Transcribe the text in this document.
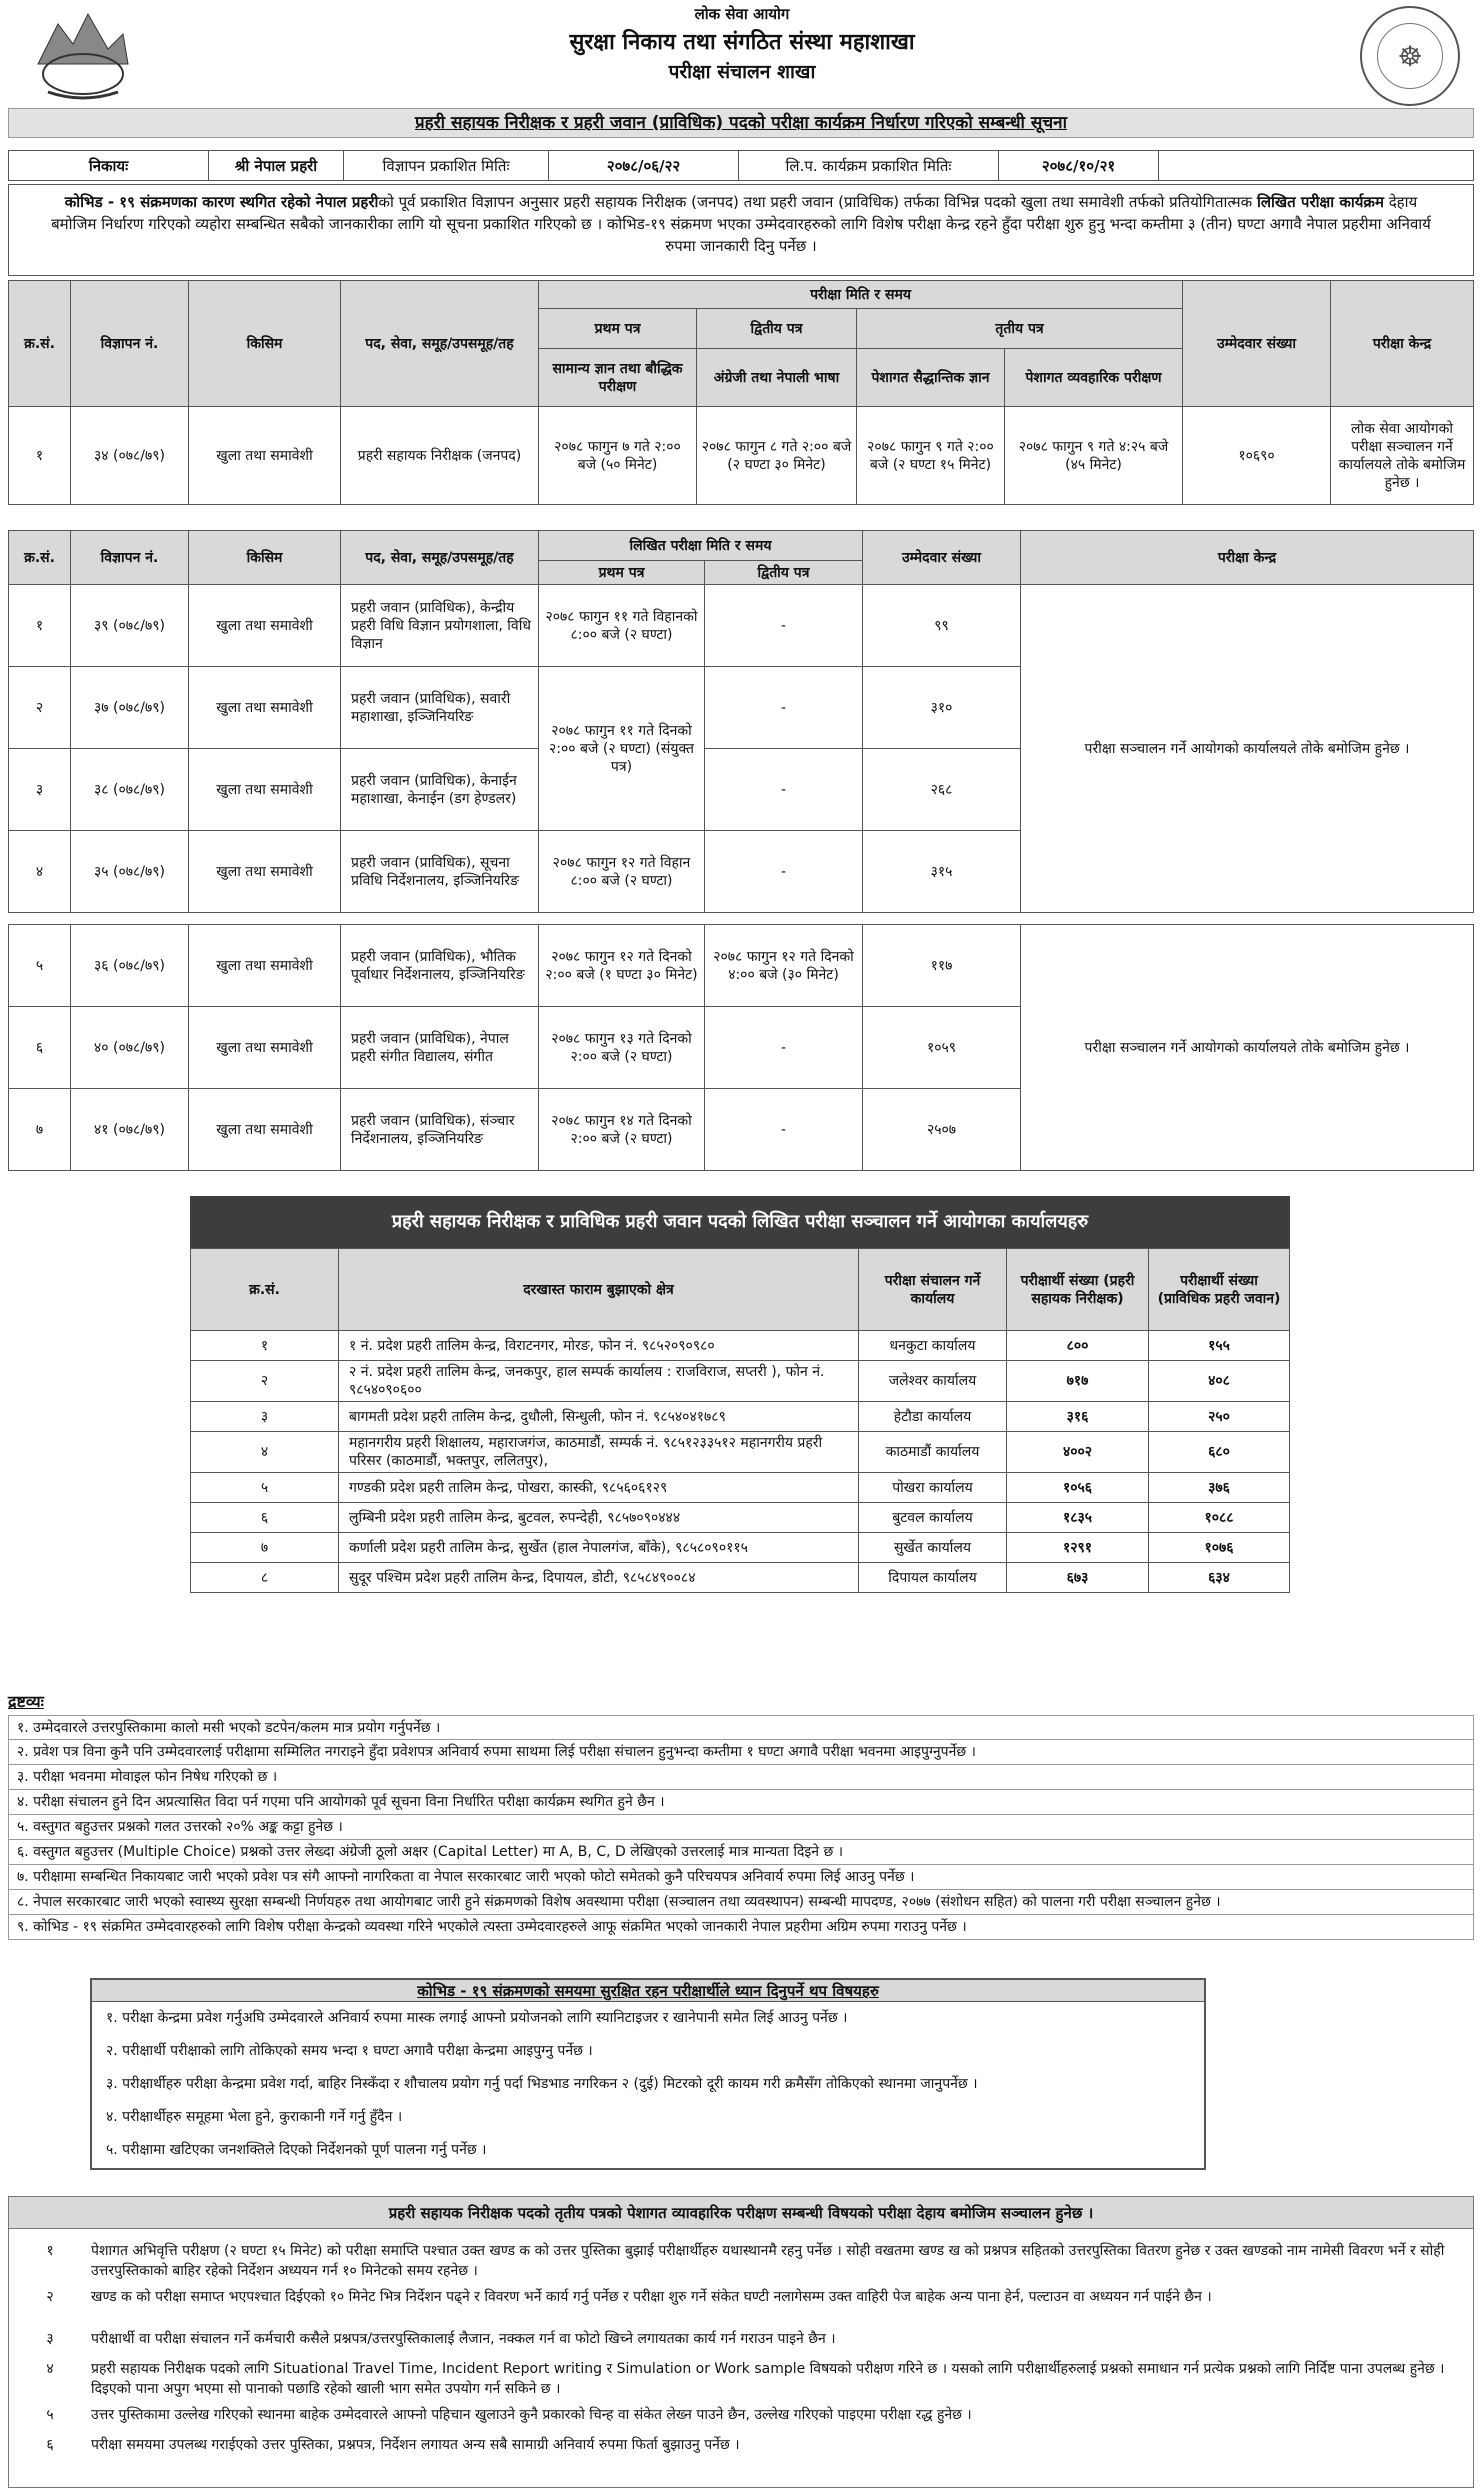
लोक सेवा आयोग
सुरक्षा निकाय तथा संगठित संस्था महाशाखा
परीक्षा संचालन शाखा	☸
प्रहरी सहायक निरीक्षक र प्रहरी जवान (प्राविधिक) पदको परीक्षा कार्यक्रम निर्धारण गरिएको सम्बन्धी सूचना
निकायः	श्री नेपाल प्रहरी	विज्ञापन प्रकाशित मितिः	२०७८/०६/२२	लि.प. कार्यक्रम प्रकाशित मितिः	२०७८/१०/२१	
कोभिड - १९ संक्रमणका कारण स्थगित रहेको नेपाल प्रहरीको पूर्व प्रकाशित विज्ञापन अनुसार प्रहरी सहायक निरीक्षक (जनपद) तथा प्रहरी जवान (प्राविधिक) तर्फका विभिन्न पदको खुला तथा समावेशी तर्फको प्रतियोगितात्मक लिखित परीक्षा कार्यक्रम देहाय बमोजिम निर्धारण गरिएको व्यहोरा सम्बन्धित सबैको जानकारीका लागि यो सूचना प्रकाशित गरिएको छ । कोभिड-१९ संक्रमण भएका उम्मेदवारहरुको लागि विशेष परीक्षा केन्द्र रहने हुँदा परीक्षा शुरु हुनु भन्दा कम्तीमा ३ (तीन) घण्टा अगावै नेपाल प्रहरीमा अनिवार्य रुपमा जानकारी दिनु पर्नेछ ।
क्र.सं.	विज्ञापन नं.	किसिम	पद, सेवा, समूह/उपसमूह/तह	परीक्षा मिति र समय				उम्मेदवार संख्या	परीक्षा केन्द्र
				प्रथम पत्र	द्वितीय पत्र	तृतीय पत्र			
				सामान्य ज्ञान तथा बौद्धिक परीक्षण	अंग्रेजी तथा नेपाली भाषा	पेशागत सैद्धान्तिक ज्ञान	पेशागत व्यवहारिक परीक्षण		
१	३४ (०७८/७९)	खुला तथा समावेशी	प्रहरी सहायक निरीक्षक (जनपद)	२०७८ फागुन ७ गते २:०० बजे (५० मिनेट)	२०७८ फागुन ८ गते २:०० बजे (२ घण्टा ३० मिनेट)	२०७८ फागुन ९ गते २:०० बजे (२ घण्टा १५ मिनेट)	२०७८ फागुन ९ गते ४:२५ बजे (४५ मिनेट)	१०६९०	लोक सेवा आयोगको परीक्षा सञ्चालन गर्ने कार्यालयले तोके बमोजिम हुनेछ ।
क्र.सं.	विज्ञापन नं.	किसिम	पद, सेवा, समूह/उपसमूह/तह	लिखित परीक्षा मिति र समय		उम्मेदवार संख्या	परीक्षा केन्द्र
				प्रथम पत्र	द्वितीय पत्र		
१	३९ (०७८/७९)	खुला तथा समावेशी	प्रहरी जवान (प्राविधिक), केन्द्रीय प्रहरी विधि विज्ञान प्रयोगशाला, विधि विज्ञान	२०७८ फागुन ११ गते विहानको ८:०० बजे (२ घण्टा)	-	९९	परीक्षा सञ्चालन गर्ने आयोगको कार्यालयले तोके बमोजिम हुनेछ ।
२	३७ (०७८/७९)	खुला तथा समावेशी	प्रहरी जवान (प्राविधिक), सवारी महाशाखा, इञ्जिनियरिङ	२०७८ फागुन ११ गते दिनको २:०० बजे (२ घण्टा) (संयुक्त पत्र)	-	३१०	
३	३८ (०७८/७९)	खुला तथा समावेशी	प्रहरी जवान (प्राविधिक), केनाईन महाशाखा, केनाईन (डग हेण्डलर)		-	२६८	
४	३५ (०७८/७९)	खुला तथा समावेशी	प्रहरी जवान (प्राविधिक), सूचना प्रविधि निर्देशनालय, इञ्जिनियरिङ	२०७८ फागुन १२ गते विहान ८:०० बजे (२ घण्टा)	-	३१५	
५	३६ (०७८/७९)	खुला तथा समावेशी	प्रहरी जवान (प्राविधिक), भौतिक पूर्वाधार निर्देशनालय, इञ्जिनियरिङ	२०७८ फागुन १२ गते दिनको २:०० बजे (१ घण्टा ३० मिनेट)	२०७८ फागुन १२ गते दिनको ४:०० बजे (३० मिनेट)	११७	परीक्षा सञ्चालन गर्ने आयोगको कार्यालयले तोके बमोजिम हुनेछ ।
६	४० (०७८/७९)	खुला तथा समावेशी	प्रहरी जवान (प्राविधिक), नेपाल प्रहरी संगीत विद्यालय, संगीत	२०७८ फागुन १३ गते दिनको २:०० बजे (२ घण्टा)	-	१०५९	
७	४१ (०७८/७९)	खुला तथा समावेशी	प्रहरी जवान (प्राविधिक), संञ्चार निर्देशनालय, इञ्जिनियरिङ	२०७८ फागुन १४ गते दिनको २:०० बजे (२ घण्टा)	-	२५०७	
प्रहरी सहायक निरीक्षक र प्राविधिक प्रहरी जवान पदको लिखित परीक्षा सञ्चालन गर्ने आयोगका कार्यालयहरु
क्र.सं.	दरखास्त फाराम बुझाएको क्षेत्र	परीक्षा संचालन गर्ने कार्यालय	परीक्षार्थी संख्या (प्रहरी सहायक निरीक्षक)	परीक्षार्थी संख्या (प्राविधिक प्रहरी जवान)
१	१ नं. प्रदेश प्रहरी तालिम केन्द्र, विराटनगर, मोरङ, फोन नं. ९८५२०९०९८०	धनकुटा कार्यालय	८००	१५५
२	२ नं. प्रदेश प्रहरी तालिम केन्द्र, जनकपुर, हाल सम्पर्क कार्यालय : राजविराज, सप्तरी ), फोन नं. ९८५४०९०६००	जलेश्वर कार्यालय	७१७	४०८
३	बागमती प्रदेश प्रहरी तालिम केन्द्र, दुधौली, सिन्धुली, फोन नं. ९८५४०४१७८९	हेटौडा कार्यालय	३१६	२५०
४	महानगरीय प्रहरी शिक्षालय, महाराजगंज, काठमाडौं, सम्पर्क नं. ९८५१२३३५१२ महानगरीय प्रहरी परिसर (काठमाडौं, भक्तपुर, ललितपुर),	काठमाडौं कार्यालय	४००२	६८०
५	गण्डकी प्रदेश प्रहरी तालिम केन्द्र, पोखरा, कास्की, ९८५६०६१२९	पोखरा कार्यालय	१०५६	३७६
६	लुम्बिनी प्रदेश प्रहरी तालिम केन्द्र, बुटवल, रुपन्देही, ९८५७०९०४४४	बुटवल कार्यालय	१८३५	१०८८
७	कर्णाली प्रदेश प्रहरी तालिम केन्द्र, सुर्खेत (हाल नेपालगंज, बाँके), ९८५८०९०११५	सुर्खेत कार्यालय	१२९१	१०७६
८	सुदूर पश्चिम प्रदेश प्रहरी तालिम केन्द्र, दिपायल, डोटी, ९८५८४९००८४	दिपायल कार्यालय	६७३	६३४
द्रष्टव्यः
१. उम्मेदवारले उत्तरपुस्तिकामा कालो मसी भएको डटपेन/कलम मात्र प्रयोग गर्नुपर्नेछ ।
२. प्रवेश पत्र विना कुनै पनि उम्मेदवारलाई परीक्षामा सम्मिलित नगराइने हुँदा प्रवेशपत्र अनिवार्य रुपमा साथमा लिई परीक्षा संचालन हुनुभन्दा कम्तीमा १ घण्टा अगावै परीक्षा भवनमा आइपुग्नुपर्नेछ ।
३. परीक्षा भवनमा मोवाइल फोन निषेध गरिएको छ ।
४. परीक्षा संचालन हुने दिन अप्रत्यासित विदा पर्न गएमा पनि आयोगको पूर्व सूचना विना निर्धारित परीक्षा कार्यक्रम स्थगित हुने छैन ।
५. वस्तुगत बहुउत्तर प्रश्नको गलत उत्तरको २०% अङ्क कट्टा हुनेछ ।
६. वस्तुगत बहुउत्तर (Multiple Choice) प्रश्नको उत्तर लेख्दा अंग्रेजी ठूलो अक्षर (Capital Letter) मा A, B, C, D लेखिएको उत्तरलाई मात्र मान्यता दिइने छ ।
७. परीक्षामा सम्बन्धित निकायबाट जारी भएको प्रवेश पत्र संगै आफ्नो नागरिकता वा नेपाल सरकारबाट जारी भएको फोटो समेतको कुनै परिचयपत्र अनिवार्य रुपमा लिई आउनु पर्नेछ ।
८. नेपाल सरकारबाट जारी भएको स्वास्थ्य सुरक्षा सम्बन्धी निर्णयहरु तथा आयोगबाट जारी हुने संक्रमणको विशेष अवस्थामा परीक्षा (सञ्चालन तथा व्यवस्थापन) सम्बन्धी मापदण्ड, २०७७ (संशोधन सहित) को पालना गरी परीक्षा सञ्चालन हुनेछ ।
९. कोभिड - १९ संक्रमित उम्मेदवारहरुको लागि विशेष परीक्षा केन्द्रको व्यवस्था गरिने भएकोले त्यस्ता उम्मेदवारहरुले आफू संक्रमित भएको जानकारी नेपाल प्रहरीमा अग्रिम रुपमा गराउनु पर्नेछ ।
कोभिड - १९ संक्रमणको समयमा सुरक्षित रहन परीक्षार्थीले ध्यान दिनुपर्ने थप विषयहरु
१. परीक्षा केन्द्रमा प्रवेश गर्नुअघि उम्मेदवारले अनिवार्य रुपमा मास्क लगाई आफ्नो प्रयोजनको लागि स्यानिटाइजर र खानेपानी समेत लिई आउनु पर्नेछ ।
२. परीक्षार्थी परीक्षाको लागि तोकिएको समय भन्दा १ घण्टा अगावै परीक्षा केन्द्रमा आइपुग्नु पर्नेछ ।
३. परीक्षार्थीहरु परीक्षा केन्द्रमा प्रवेश गर्दा, बाहिर निस्कँदा र शौचालय प्रयोग गर्नु पर्दा भिडभाड नगरिकन २ (दुई) मिटरको दूरी कायम गरी क्रमैसँग तोकिएको स्थानमा जानुपर्नेछ ।
४. परीक्षार्थीहरु समूहमा भेला हुने, कुराकानी गर्ने गर्नु हुँदैन ।
५. परीक्षामा खटिएका जनशक्तिले दिएको निर्देशनको पूर्ण पालना गर्नु पर्नेछ ।
प्रहरी सहायक निरीक्षक पदको तृतीय पत्रको पेशागत व्यावहारिक परीक्षण सम्बन्धी विषयको परीक्षा देहाय बमोजिम सञ्चालन हुनेछ ।
१	पेशागत अभिवृत्ति परीक्षण (२ घण्टा १५ मिनेट) को परीक्षा समाप्ति पश्चात उक्त खण्ड क को उत्तर पुस्तिका बुझाई परीक्षार्थीहरु यथास्थानमै रहनु पर्नेछ । सोही वखतमा खण्ड ख को प्रश्नपत्र सहितको उत्तरपुस्तिका वितरण हुनेछ र उक्त खण्डको नाम नामेसी विवरण भर्ने र सोही उत्तरपुस्तिकाको बाहिर रहेको निर्देशन अध्ययन गर्न १० मिनेटको समय रहनेछ ।
२	खण्ड क को परीक्षा समाप्त भएपश्चात दिईएको १० मिनेट भित्र निर्देशन पढ्ने र विवरण भर्ने कार्य गर्नु पर्नेछ र परीक्षा शुरु गर्ने संकेत घण्टी नलागेसम्म उक्त वाहिरी पेज बाहेक अन्य पाना हेर्न, पल्टाउन वा अध्ययन गर्न पाईने छैन ।
३	परीक्षार्थी वा परीक्षा संचालन गर्ने कर्मचारी कसैले प्रश्नपत्र/उत्तरपुस्तिकालाई लैजान, नक्कल गर्न वा फोटो खिच्ने लगायतका कार्य गर्न गराउन पाइने छैन ।
४	प्रहरी सहायक निरीक्षक पदको लागि Situational Travel Time, Incident Report writing र Simulation or Work sample विषयको परीक्षण गरिने छ । यसको लागि परीक्षार्थीहरुलाई प्रश्नको समाधान गर्न प्रत्येक प्रश्नको लागि निर्दिष्ट पाना उपलब्ध हुनेछ । दिइएको पाना अपुग भएमा सो पानाको पछाडि रहेको खाली भाग समेत उपयोग गर्न सकिने छ ।
५	उत्तर पुस्तिकामा उल्लेख गरिएको स्थानमा बाहेक उम्मेदवारले आफ्नो पहिचान खुलाउने कुनै प्रकारको चिन्ह वा संकेत लेख्न पाउने छैन, उल्लेख गरिएको पाइएमा परीक्षा रद्ध हुनेछ ।
६	परीक्षा समयमा उपलब्ध गराईएको उत्तर पुस्तिका, प्रश्नपत्र, निर्देशन लगायत अन्य सबै सामाग्री अनिवार्य रुपमा फिर्ता बुझाउनु पर्नेछ ।
